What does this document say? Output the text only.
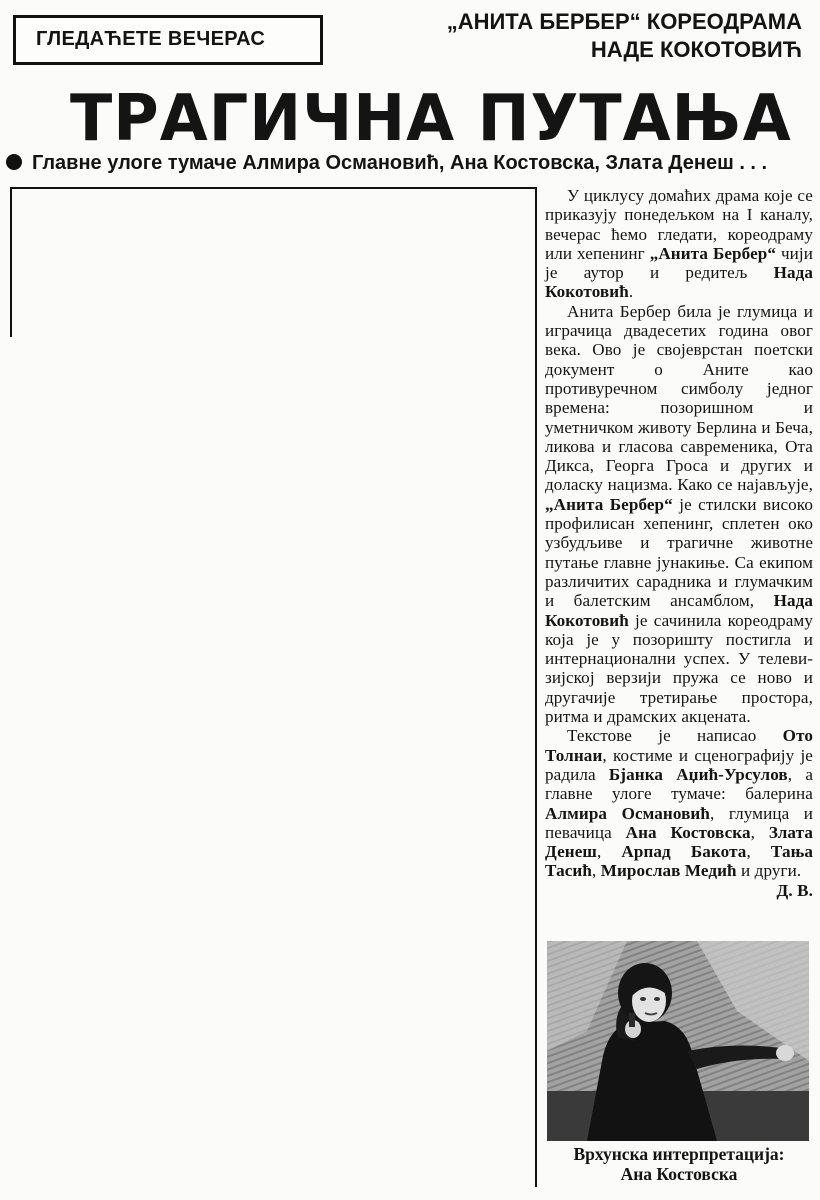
ГЛЕДАЋЕТЕ ВЕЧЕРАС
„АНИТА БЕРБЕР“ КОРЕОДРАМА
НАДЕ КОКОТОВИЋ
ТРАГИЧНА ПУТАЊА
Главне улоге тумаче Алмира Османовић, Ана Костовска, Злата Денеш . . .

У циклусу домаћих драма које се приказују понедељком на I каналу, вечерас ћемо гледати, кореодраму или хепенинг „Анита Бербер“ чији је аутор и редитељ Нада Кокотовић.

Анита Бербер била је глумица и играчица двадесетих година овог века. Ово је својеврстан поетски документ о Аните као противуречном симболу једног времена: позоришном и уметничком животу Берлина и Беча, ликова и гласова савременика, Ота Дикса, Георга Гроса и других и доласку нацизма. Како се најављује, „Анита Бербер“ је стилски високо профилисан хепенинг, сплетен око узбудљиве и трагичне животне путање главне јунакиње. Са екипом различитих сарадника и глумачким и балетским ансамблом, Нада Кокотовић је сачинила кореодраму која је у позоришту постигла и интернационални успех. У телевизијској верзији пружа се ново и другачије третирање простора, ритма и драмских акцената.

Текстове је написао Ото Толнаи, костиме и сценографију је радила Бјанка Аџић-Урсулов, а главне улоге тумаче: балерина Алмира Османовић, глумица и певачица Ана Костовска, Злата Денеш, Арпад Бакота, Тања Тасић, Мирослав Медић и други.
Д. В.

Врхунска интерпретација:
Ана Костовска
